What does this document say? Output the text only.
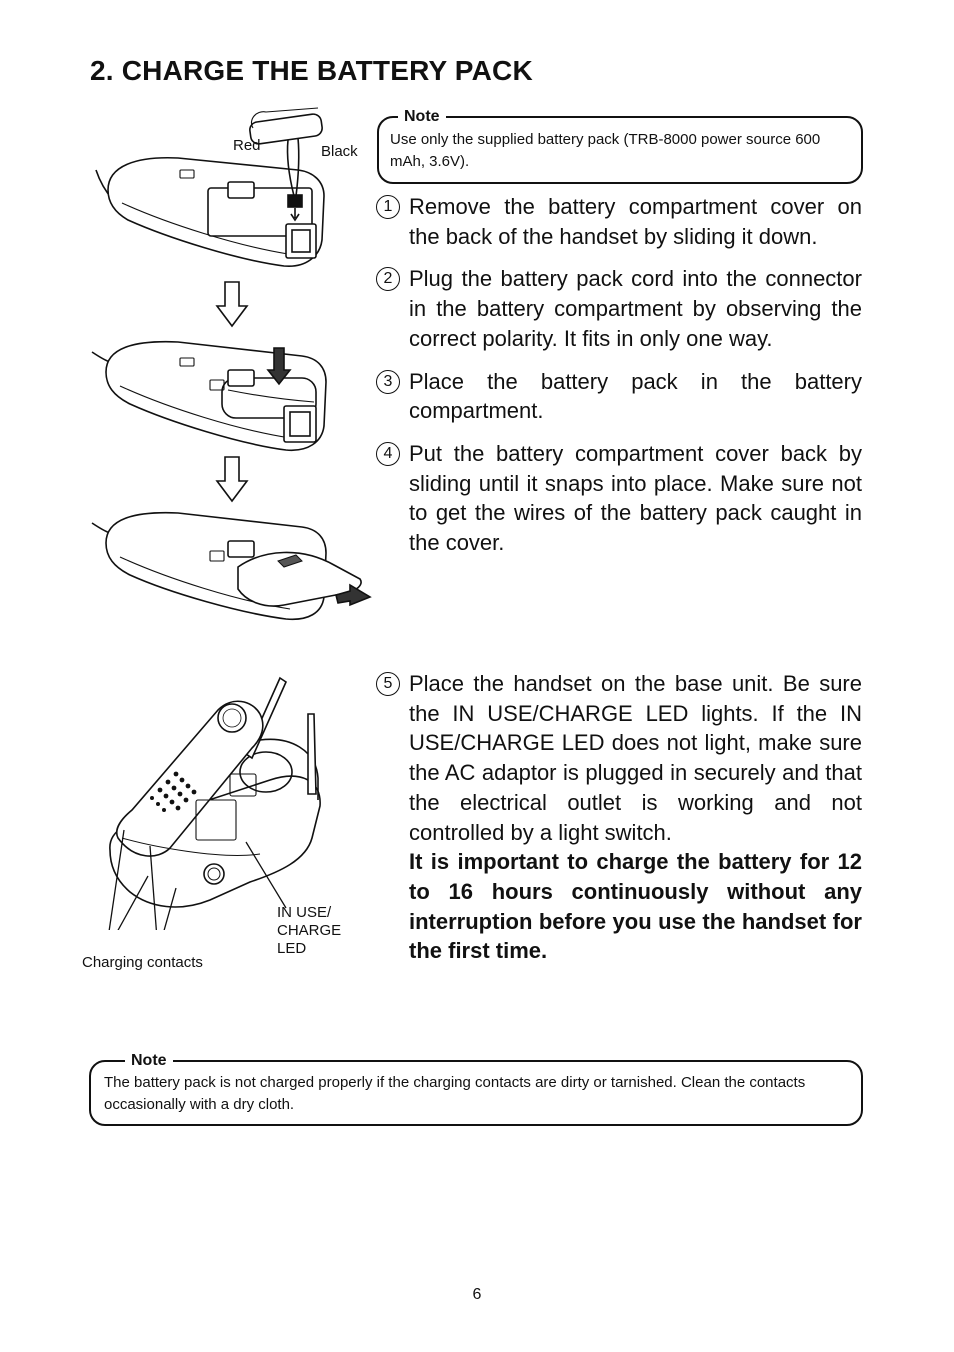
2. CHARGE THE BATTERY PACK
Note
Use only the supplied battery pack (TRB-8000 power source 600 mAh, 3.6V).
1 Remove the battery compartment cover on the back of the handset by sliding it down.
2 Plug the battery pack cord into the connector in the battery compartment by observing the correct polarity. It fits in only one way.
3 Place the battery pack in the battery compartment.
4 Put the battery compartment cover back by sliding until it snaps into place. Make sure not to get the wires of the battery pack caught in the cover.
5 Place the handset on the base unit. Be sure the IN USE/CHARGE LED lights. If the IN USE/CHARGE LED does not light, make sure the AC adaptor is plugged in securely and that the electrical outlet is working and not controlled by a light switch.
It is important to charge the battery for 12 to 16 hours continuously without any interruption before you use the handset for the first time.
Red	Black
IN USE/
CHARGE
LED
Charging contacts
Note
The battery pack is not charged properly if the charging contacts are dirty or tarnished. Clean the contacts occasionally with a dry cloth.
6
